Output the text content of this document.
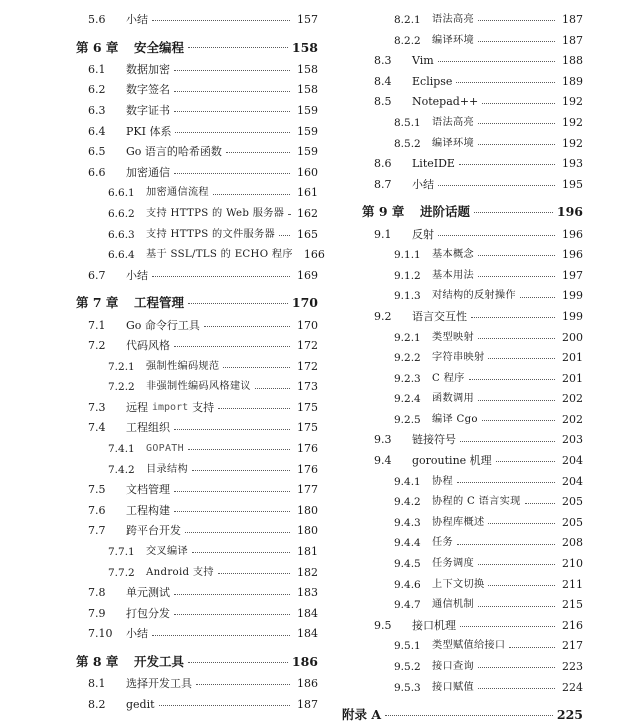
5.6	小结	157
第 6 章	安全编程	158
6.1	数据加密	158
6.2	数字签名	158
6.3	数字证书	159
6.4	PKI 体系	159
6.5	Go 语言的哈希函数	159
6.6	加密通信	160
6.6.1	加密通信流程	161
6.6.2	支持 HTTPS 的 Web 服务器 162
6.6.3	支持 HTTPS 的文件服务器 165
6.6.4	基于 SSL/TLS 的 ECHO 程序 166
6.7	小结	169
第 7 章	工程管理	170
7.1	Go 命令行工具	170
7.2	代码风格	172
7.2.1	强制性编码规范	172
7.2.2	非强制性编码风格建议	173
7.3	远程 import 支持	175
7.4	工程组织	175
7.4.1	GOPATH	176
7.4.2	目录结构	176
7.5	文档管理	177
7.6	工程构建	180
7.7	跨平台开发	180
7.7.1	交叉编译	181
7.7.2	Android 支持	182
7.8	单元测试	183
7.9	打包分发	184
7.10	小结	184
第 8 章	开发工具	186
8.1	选择开发工具	186
8.2	gedit	187
8.2.1	语法高亮	187
8.2.2	编译环境	187
8.3	Vim	188
8.4	Eclipse	189
8.5	Notepad++	192
8.5.1	语法高亮	192
8.5.2	编译环境	192
8.6	LiteIDE	193
8.7	小结	195
第 9 章	进阶话题	196
9.1	反射	196
9.1.1	基本概念	196
9.1.2	基本用法	197
9.1.3	对结构的反射操作	199
9.2	语言交互性	199
9.2.1	类型映射	200
9.2.2	字符串映射	201
9.2.3	C 程序	201
9.2.4	函数调用	202
9.2.5	编译 Cgo	202
9.3	链接符号	203
9.4	goroutine 机理	204
9.4.1	协程	204
9.4.2	协程的 C 语言实现	205
9.4.3	协程库概述	205
9.4.4	任务	208
9.4.5	任务调度	210
9.4.6	上下文切换	211
9.4.7	通信机制	215
9.5	接口机理	216
9.5.1	类型赋值给接口	217
9.5.2	接口查询	223
9.5.3	接口赋值	224
附录 A	225
